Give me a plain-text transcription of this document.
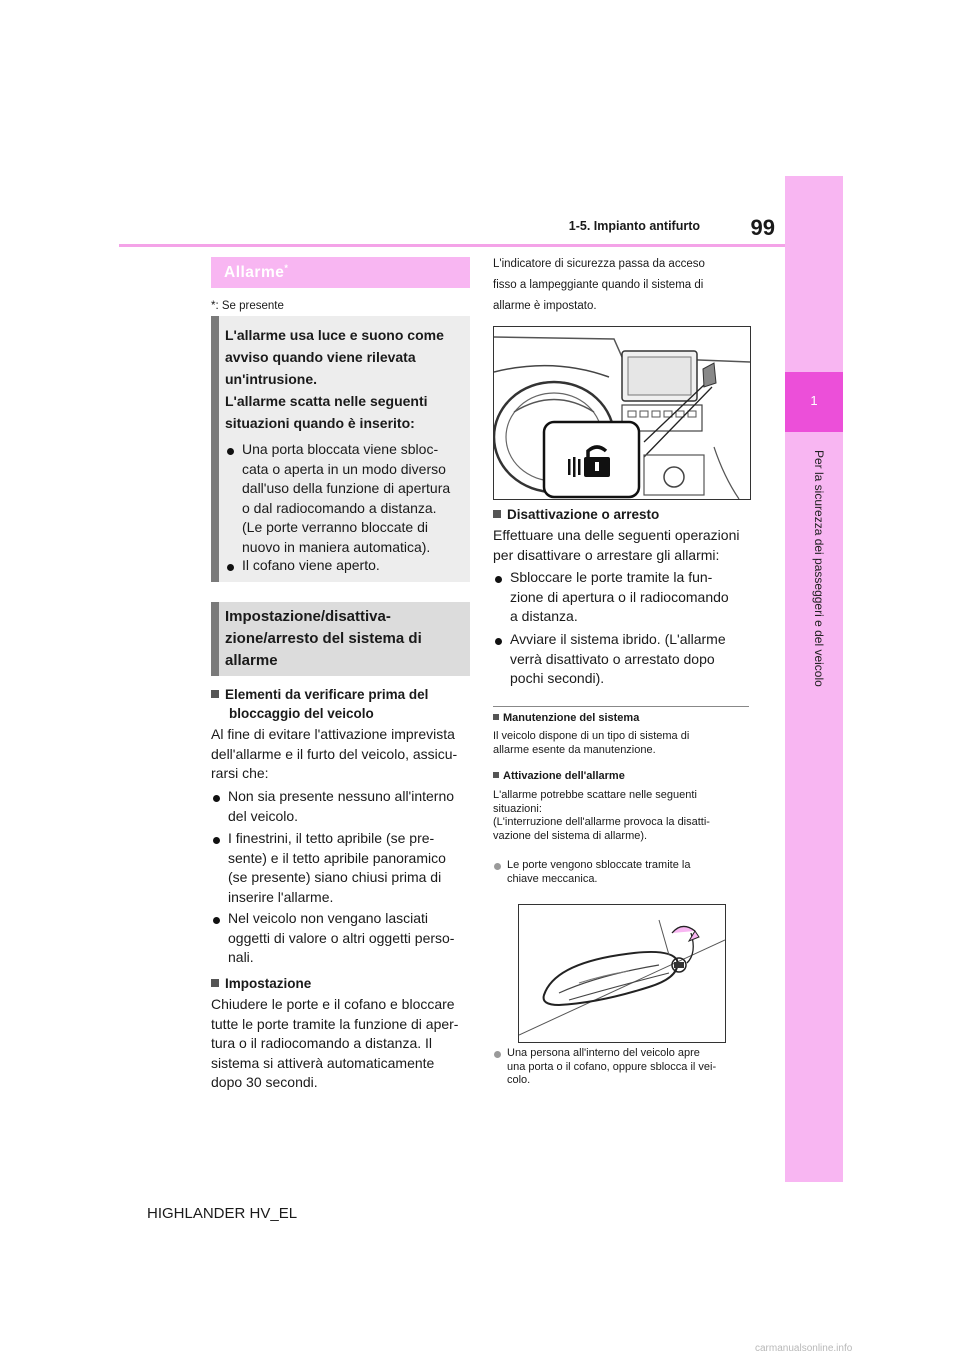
1-5. Impianto antifurto	99
1
Allarme*
*: Se presente
L'allarme usa luce e suono come
avviso quando viene rilevata
un'intrusione.
L'allarme scatta nelle seguenti
situazioni quando è inserito:
Una porta bloccata viene sbloc-
cata o aperta in un modo diverso
dall'uso della funzione di apertura
o dal radiocomando a distanza.
(Le porte verranno bloccate di
nuovo in maniera automatica).
Il cofano viene aperto.
Impostazione/disattiva-
zione/arresto del sistema di
allarme
Elementi da verificare prima del
bloccaggio del veicolo
Al fine di evitare l'attivazione imprevista
dell'allarme e il furto del veicolo, assicu-
rarsi che:
Non sia presente nessuno all'interno
del veicolo.
I finestrini, il tetto apribile (se pre-
sente) e il tetto apribile panoramico
(se presente) siano chiusi prima di
inserire l'allarme.
Nel veicolo non vengano lasciati
oggetti di valore o altri oggetti perso-
nali.
Impostazione
Chiudere le porte e il cofano e bloccare
tutte le porte tramite la funzione di aper-
tura o il radiocomando a distanza. Il
sistema si attiverà automaticamente
dopo 30 secondi.
L'indicatore di sicurezza passa da acceso
fisso a lampeggiante quando il sistema di
allarme è impostato.
Disattivazione o arresto
Effettuare una delle seguenti operazioni
per disattivare o arrestare gli allarmi:
Sbloccare le porte tramite la fun-
zione di apertura o il radiocomando
a distanza.
Avviare il sistema ibrido. (L'allarme
verrà disattivato o arrestato dopo
pochi secondi).
Manutenzione del sistema
Il veicolo dispone di un tipo di sistema di
allarme esente da manutenzione.
Attivazione dell'allarme
L'allarme potrebbe scattare nelle seguenti
situazioni:
(L'interruzione dell'allarme provoca la disatti-
vazione del sistema di allarme).
Le porte vengono sbloccate tramite la
chiave meccanica.
Una persona all'interno del veicolo apre
una porta o il cofano, oppure sblocca il vei-
colo.
HIGHLANDER HV_EL
carmanualsonline.info
